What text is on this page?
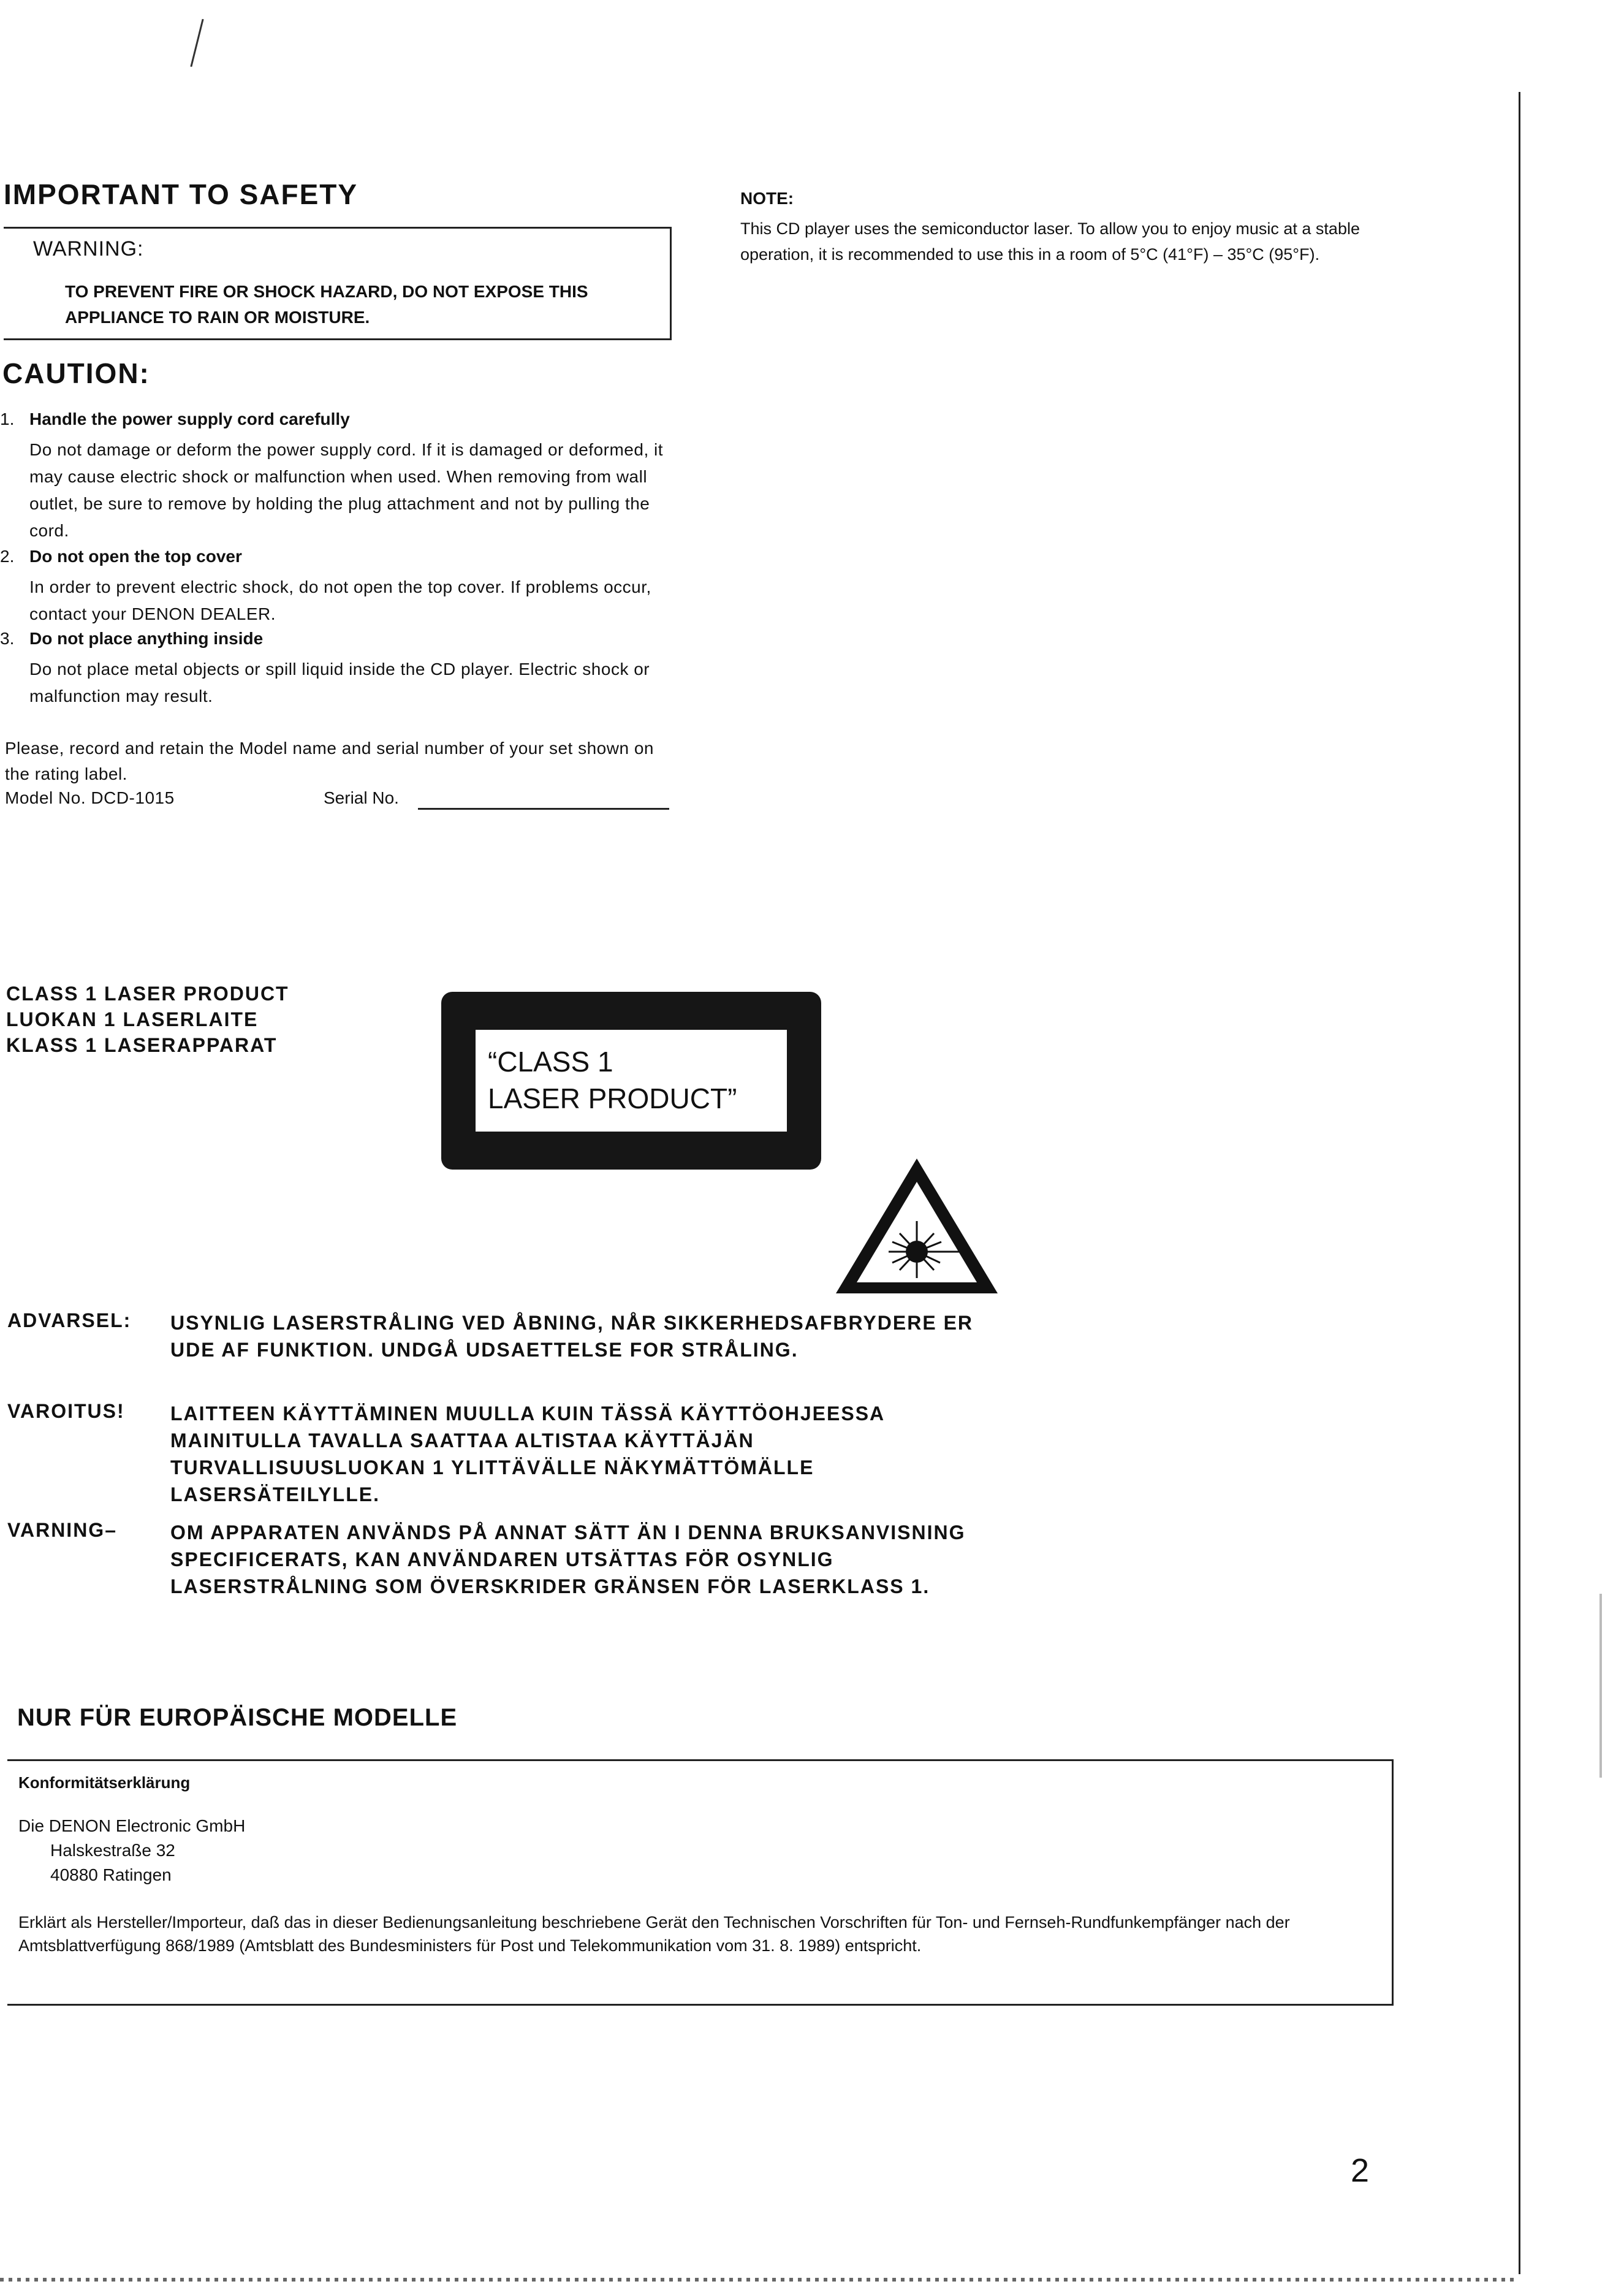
IMPORTANT TO SAFETY
WARNING:
TO PREVENT FIRE OR SHOCK HAZARD, DO NOT EXPOSE THIS APPLIANCE TO RAIN OR MOISTURE.
CAUTION:
1. Handle the power supply cord carefully
Do not damage or deform the power supply cord. If it is damaged or deformed, it may cause electric shock or malfunction when used. When removing from wall outlet, be sure to remove by holding the plug attachment and not by pulling the cord.
2. Do not open the top cover
In order to prevent electric shock, do not open the top cover. If problems occur, contact your DENON DEALER.
3. Do not place anything inside
Do not place metal objects or spill liquid inside the CD player. Electric shock or malfunction may result.
Please, record and retain the Model name and serial number of your set shown on the rating label.
Model No. DCD-1015	Serial No.
NOTE:
This CD player uses the semiconductor laser. To allow you to enjoy music at a stable operation, it is recommended to use this in a room of 5°C (41°F) – 35°C (95°F).
CLASS 1 LASER PRODUCT
LUOKAN 1 LASERLAITE
KLASS 1 LASERAPPARAT
“CLASS 1
LASER PRODUCT”
ADVARSEL: USYNLIG LASERSTRÅLING VED ÅBNING, NÅR SIKKERHEDSAFBRYDERE ER UDE AF FUNKTION. UNDGÅ UDSAETTELSE FOR STRÅLING.
VAROITUS! LAITTEEN KÄYTTÄMINEN MUULLA KUIN TÄSSÄ KÄYTTÖOHJEESSA MAINITULLA TAVALLA SAATTAA ALTISTAA KÄYTTÄJÄN TURVALLISUUSLUOKAN 1 YLITTÄVÄLLE NÄKYMÄTTÖMÄLLE LASERSÄTEILYLLE.
VARNING–	OM APPARATEN ANVÄNDS PÅ ANNAT SÄTT ÄN I DENNA BRUKSANVISNING SPECIFICERATS, KAN ANVÄNDAREN UTSÄTTAS FÖR OSYNLIG LASERSTRÅLNING SOM ÖVERSKRIDER GRÄNSEN FÖR LASERKLASS 1.
NUR FÜR EUROPÄISCHE MODELLE
Konformitätserklärung
Die DENON Electronic GmbH
Halskestraße 32
40880 Ratingen
Erklärt als Hersteller/Importeur, daß das in dieser Bedienungsanleitung beschriebene Gerät den Technischen Vorschriften für Ton- und Fernseh-Rundfunkempfänger nach der Amtsblattverfügung 868/1989 (Amtsblatt des Bundesministers für Post und Telekommunikation vom 31. 8. 1989) entspricht.
2
